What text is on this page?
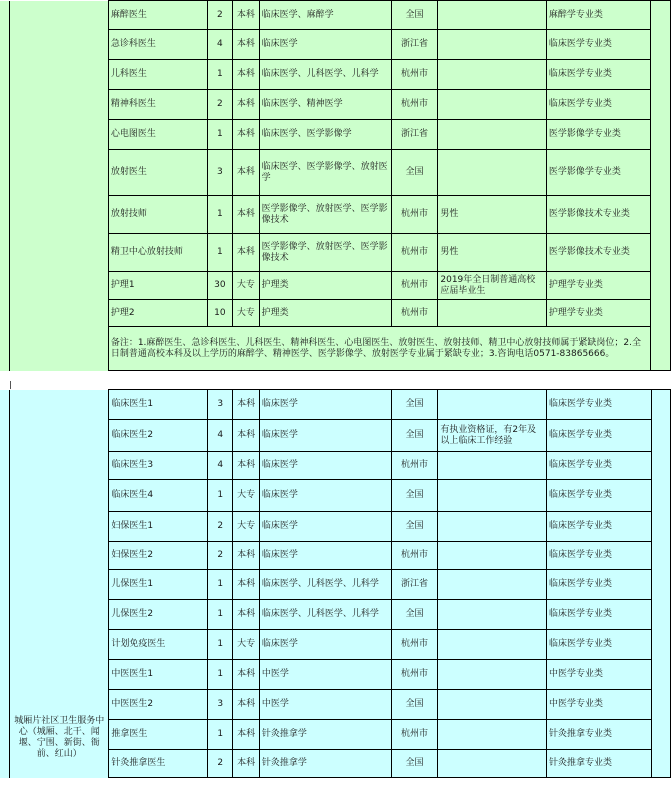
		麻醉医生	2	本科	临床医学、麻醉学	全国		麻醉学专业类	
		急诊科医生	4	本科	临床医学	浙江省		临床医学专业类	
		儿科医生	1	本科	临床医学、儿科医学、儿科学	杭州市		临床医学专业类	
		精神科医生	2	本科	临床医学、精神医学	杭州市		临床医学专业类	
		心电图医生	1	本科	临床医学、医学影像学	浙江省		医学影像学专业类	
		放射医生	3	本科	临床医学、医学影像学、放射医学	全国		医学影像学专业类	
		放射技师	1	本科	医学影像学、放射医学、医学影像技术	杭州市	男性	医学影像技术专业类	
		精卫中心放射技师	1	本科	医学影像学、放射医学、医学影像技术	杭州市	男性	医学影像技术专业类	
		护理1	30	大专	护理类	杭州市	2019年全日制普通高校应届毕业生	护理学专业类	
		护理2	10	大专	护理类	杭州市		护理学专业类	
		备注：1.麻醉医生、急诊科医生、儿科医生、精神科医生、心电图医生、放射医生、放射技师、精卫中心放射技师属于紧缺岗位；2.全日制普通高校本科及以上学历的麻醉学、精神医学、医学影像学、放射医学专业属于紧缺专业；3.咨询电话0571-83865666。							
	城厢片社区卫生服务中心（城厢、北干、闻堰、宁围、新街、衙前、红山）	临床医生1	3	本科	临床医学	全国		临床医学专业类	
		临床医生2	4	本科	临床医学	全国	有执业资格证，有2年及以上临床工作经验	临床医学专业类	
		临床医生3	4	本科	临床医学	杭州市		临床医学专业类	
		临床医生4	1	大专	临床医学	全国		临床医学专业类	
		妇保医生1	2	大专	临床医学	全国		临床医学专业类	
		妇保医生2	2	本科	临床医学	杭州市		临床医学专业类	
		儿保医生1	1	本科	临床医学、儿科医学、儿科学	浙江省		临床医学专业类	
		儿保医生2	1	本科	临床医学、儿科医学、儿科学	全国		临床医学专业类	
		计划免疫医生	1	大专	临床医学	杭州市		临床医学专业类	
		中医医生1	1	本科	中医学	杭州市		中医学专业类	
		中医医生2	3	本科	中医学	全国		中医学专业类	
		推拿医生	1	本科	针灸推拿学	杭州市		针灸推拿专业类	
		针灸推拿医生	2	本科	针灸推拿学	全国		针灸推拿专业类	
